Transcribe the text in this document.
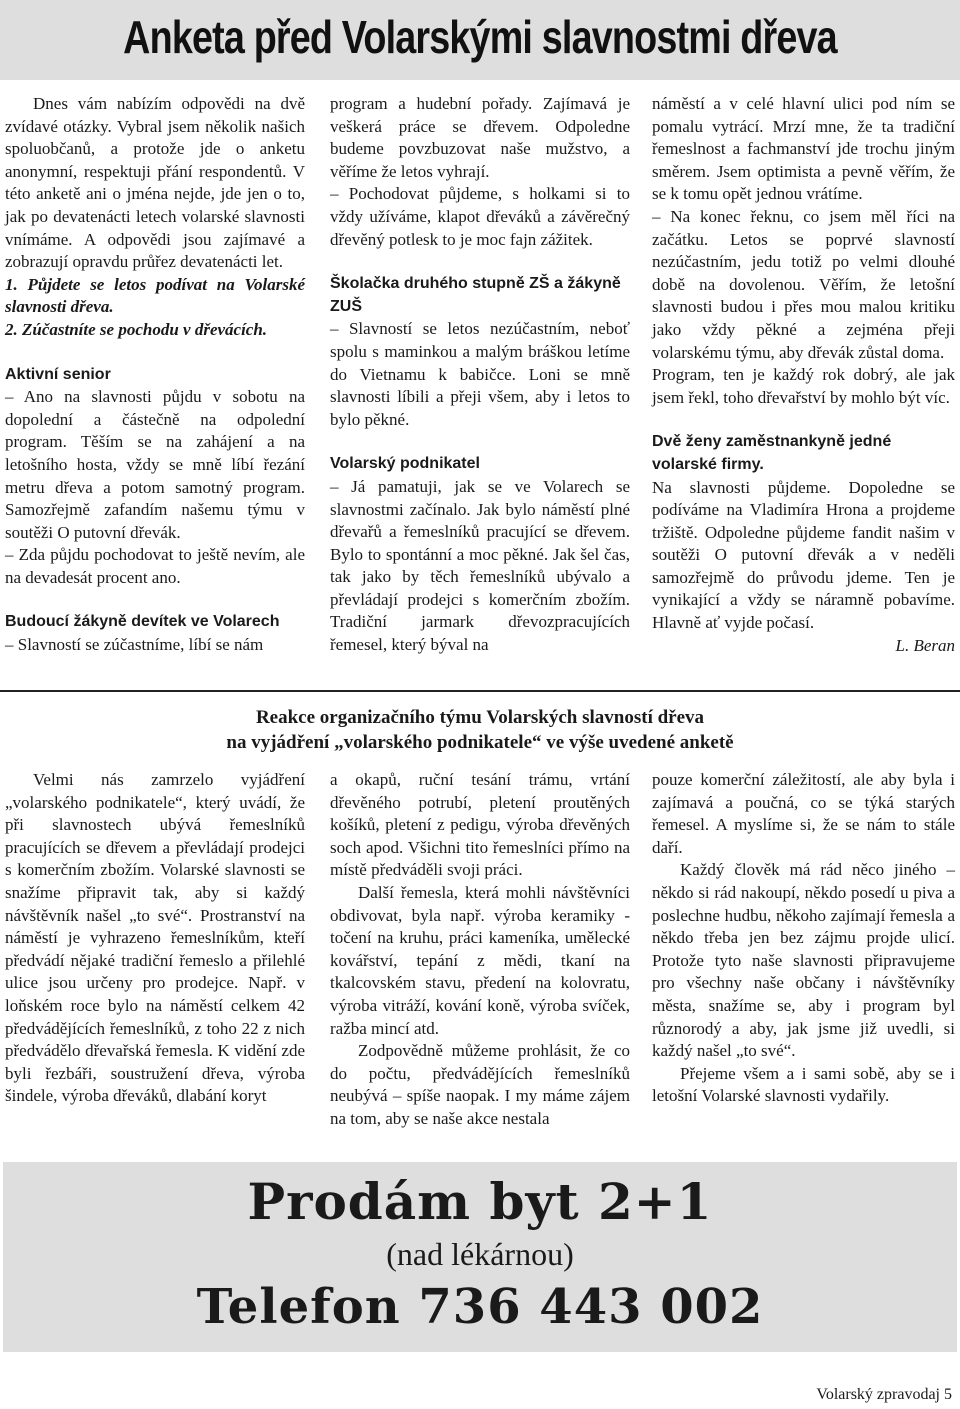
Anketa před Volarskými slavnostmi dřeva

Dnes vám nabízím odpovědi na dvě zvídavé otázky. Vybral jsem několik našich spoluobčanů, a protože jde o anketu anonymní, respektuji přání respondentů. V této anketě ani o jména nejde, jde jen o to, jak po devatenácti letech volarské slavnosti vnímáme. A odpovědi jsou zajímavé a zobrazují opravdu průřez devatenácti let.

1. Půjdete se letos podívat na Volarské slavnosti dřeva.

2. Zúčastníte se pochodu v dřevácích.

Aktivní senior

– Ano na slavnosti půjdu v sobotu na dopolední a částečně na odpolední program. Těším se na zahájení a na letošního hosta, vždy se mně líbí řezání metru dřeva a potom samotný program. Samozřejmě zafandím našemu týmu v soutěži O putovní dřevák.

– Zda půjdu pochodovat to ještě nevím, ale na devadesát procent ano.

Budoucí žákyně devítek ve Volarech

– Slavností se zúčastníme, líbí se nám

program a hudební pořady. Zajímavá je veškerá práce se dřevem. Odpoledne budeme povzbuzovat naše mužstvo, a věříme že letos vyhrají.

– Pochodovat půjdeme, s holkami si to vždy užíváme, klapot dřeváků a závěrečný dřevěný potlesk to je moc fajn zážitek.

Školačka druhého stupně ZŠ a žákyně ZUŠ

– Slavností se letos nezúčastním, neboť spolu s maminkou a malým bráškou letíme do Vietnamu k babičce. Loni se mně slavnosti líbili a přeji všem, aby i letos to bylo pěkné.

Volarský podnikatel

– Já pamatuji, jak se ve Volarech se slavnostmi začínalo. Jak bylo náměstí plné dřevařů a řemeslníků pracující se dřevem. Bylo to spontánní a moc pěkné. Jak šel čas, tak jako by těch řemeslníků ubývalo a převládají prodejci s komerčním zbožím. Tradiční jarmark dřevozpracujících řemesel, který býval na

náměstí a v celé hlavní ulici pod ním se pomalu vytrácí. Mrzí mne, že ta tradiční řemeslnost a fachmanství jde trochu jiným směrem. Jsem optimista a pevně věřím, že se k tomu opět jednou vrátíme.

– Na konec řeknu, co jsem měl říci na začátku. Letos se poprvé slavností nezúčastním, jedu totiž po velmi dlouhé době na dovolenou. Věřím, že letošní slavnosti budou i přes mou malou kritiku jako vždy pěkné a zejména přeji volarskému týmu, aby dřevák zůstal doma.

Program, ten je každý rok dobrý, ale jak jsem řekl, toho dřevařství by mohlo být víc.

Dvě ženy zaměstnankyně jedné volarské firmy.

Na slavnosti půjdeme. Dopoledne se podíváme na Vladimíra Hrona a projdeme tržiště. Odpoledne půjdeme fandit našim v soutěži O putovní dřevák a v neděli samozřejmě do průvodu jdeme. Ten je vynikající a vždy se náramně pobavíme. Hlavně ať vyjde počasí.

L. Beran

Reakce organizačního týmu Volarských slavností dřeva
na vyjádření „volarského podnikatele“ ve výše uvedené anketě

Velmi nás zamrzelo vyjádření „volarského podnikatele“, který uvádí, že při slavnostech ubývá řemeslníků pracujících se dřevem a převládají prodejci s komerčním zbožím. Volarské slavnosti se snažíme připravit tak, aby si každý návštěvník našel „to své“. Prostranství na náměstí je vyhrazeno řemeslníkům, kteří předvádí nějaké tradiční řemeslo a přilehlé ulice jsou určeny pro prodejce. Např. v loňském roce bylo na náměstí celkem 42 předvádějících řemeslníků, z toho 22 z nich předvádělo dřevařská řemesla. K vidění zde byli řezbáři, soustružení dřeva, výroba šindele, výroba dřeváků, dlabání koryt

a okapů, ruční tesání trámu, vrtání dřevěného potrubí, pletení proutěných košíků, pletení z pedigu, výroba dřevěných soch apod. Všichni tito řemeslníci přímo na místě předváděli svoji práci.

Další řemesla, která mohli návštěvníci obdivovat, byla např. výroba keramiky - točení na kruhu, práci kameníka, umělecké kovářství, tepání z mědi, tkaní na tkalcovském stavu, předení na kolovratu, výroba vitráží, kování koně, výroba svíček, ražba mincí atd.

Zodpovědně můžeme prohlásit, že co do počtu, předvádějících řemeslníků neubývá – spíše naopak. I my máme zájem na tom, aby se naše akce nestala

pouze komerční záležitostí, ale aby byla i zajímavá a poučná, co se týká starých řemesel. A myslíme si, že se nám to stále daří.

Každý člověk má rád něco jiného – někdo si rád nakoupí, někdo posedí u piva a poslechne hudbu, někoho zajímají řemesla a někdo třeba jen bez zájmu projde ulicí. Protože tyto naše slavnosti připravujeme pro všechny naše občany i návštěvníky města, snažíme se, aby i program byl různorodý a aby, jak jsme již uvedli, si každý našel „to své“.

Přejeme všem a i sami sobě, aby se i letošní Volarské slavnosti vydařily.

Prodám byt 2+1
(nad lékárnou)
Telefon 736 443 002
Volarský zpravodaj 5
